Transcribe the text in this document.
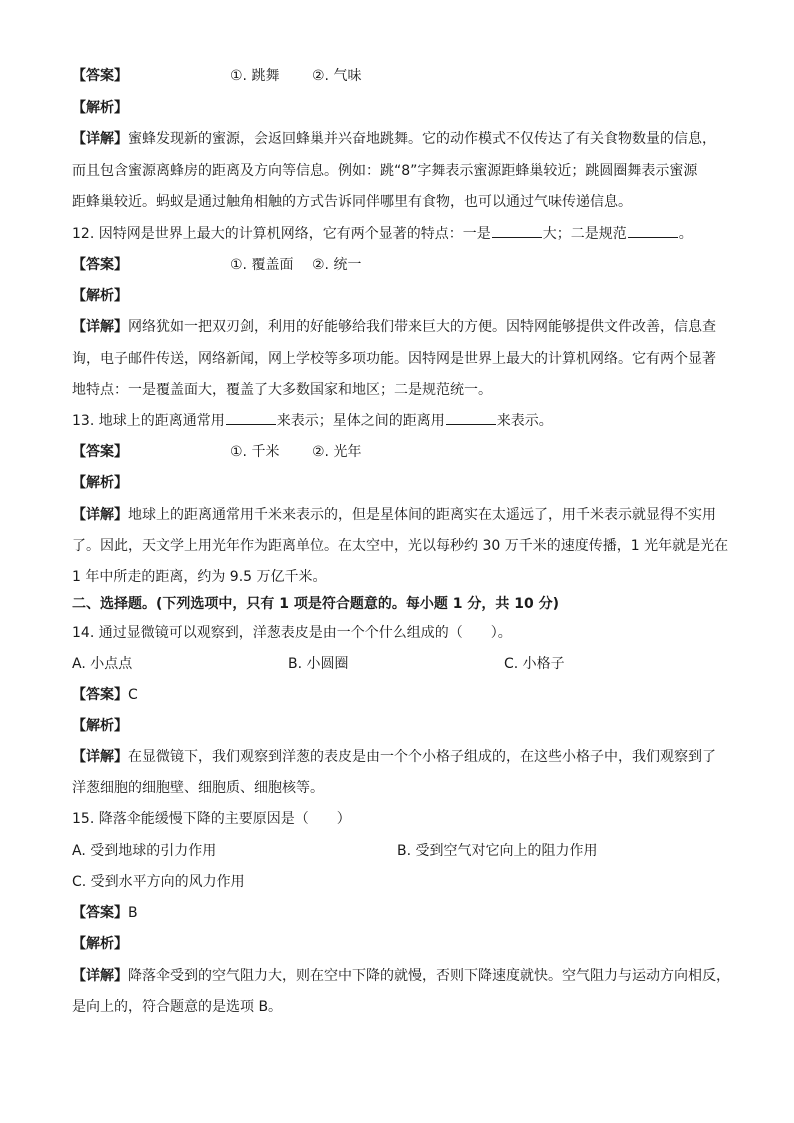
【答案】	①. 跳舞 ②. 气味
【解析】
【详解】蜜蜂发现新的蜜源，会返回蜂巢并兴奋地跳舞。它的动作模式不仅传达了有关食物数量的信息，
而且包含蜜源离蜂房的距离及方向等信息。例如：跳“8”字舞表示蜜源距蜂巢较近；跳圆圈舞表示蜜源
距蜂巢较近。蚂蚁是通过触角相触的方式告诉同伴哪里有食物，也可以通过气味传递信息。
12. 因特网是世界上最大的计算机网络，它有两个显著的特点：一是	大；二是规范	。
【答案】	①. 覆盖面 ②. 统一
【解析】
【详解】网络犹如一把双刃剑，利用的好能够给我们带来巨大的方便。因特网能够提供文件改善，信息查
询，电子邮件传送，网络新闻，网上学校等多项功能。因特网是世界上最大的计算机网络。它有两个显著
地特点：一是覆盖面大，覆盖了大多数国家和地区；二是规范统一。
13. 地球上的距离通常用	来表示；星体之间的距离用	来表示。
【答案】	①. 千米 ②. 光年
【解析】
【详解】地球上的距离通常用千米来表示的，但是星体间的距离实在太遥远了，用千米表示就显得不实用
了。因此，天文学上用光年作为距离单位。在太空中，光以每秒约 30 万千米的速度传播，1 光年就是光在
1 年中所走的距离，约为 9.5 万亿千米。
二、选择题。(下列选项中，只有 1 项是符合题意的。每小题 1 分，共 10 分)
14. 通过显微镜可以观察到，洋葱表皮是由一个个什么组成的（　　）。
A. 小点点	B. 小圆圈	C. 小格子
【答案】C
【解析】
【详解】在显微镜下，我们观察到洋葱的表皮是由一个个小格子组成的，在这些小格子中，我们观察到了
洋葱细胞的细胞壁、细胞质、细胞核等。
15. 降落伞能缓慢下降的主要原因是（　　）
A. 受到地球的引力作用	B. 受到空气对它向上的阻力作用
C. 受到水平方向的风力作用
【答案】B
【解析】
【详解】降落伞受到的空气阻力大，则在空中下降的就慢，否则下降速度就快。空气阻力与运动方向相反，
是向上的，符合题意的是选项 B。
